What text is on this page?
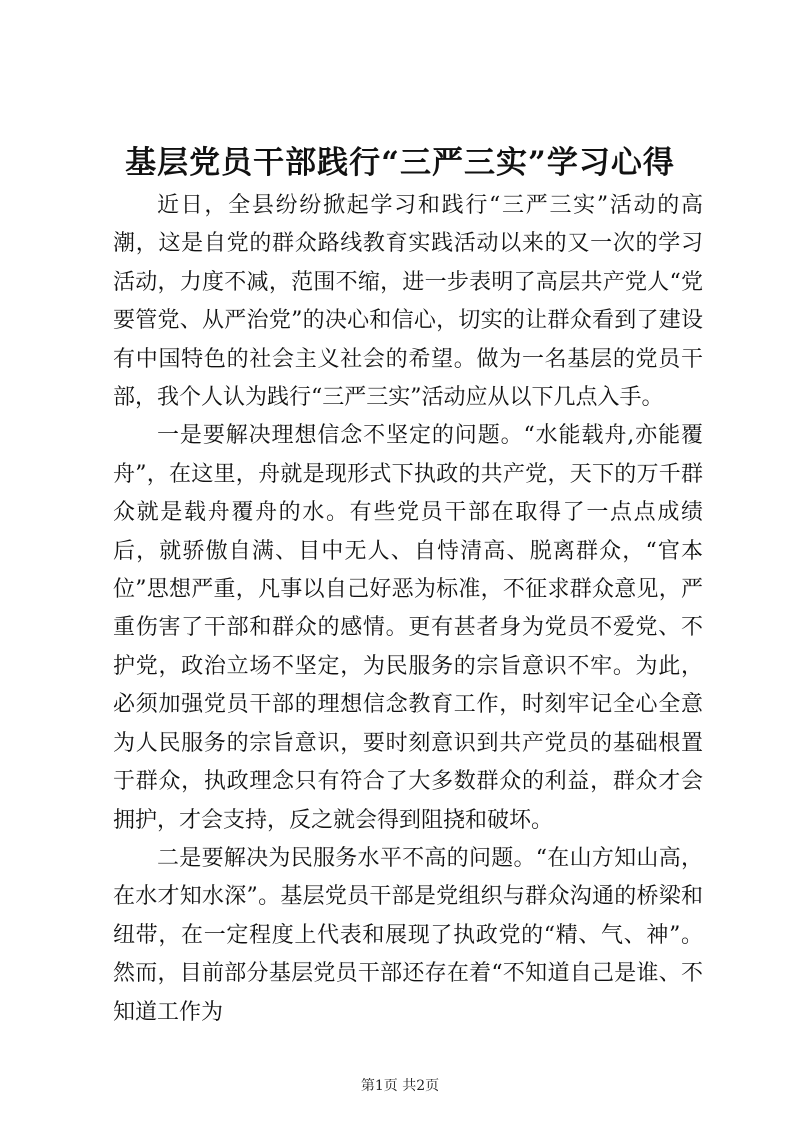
基层党员干部践行“三严三实”学习心得

近日，全县纷纷掀起学习和践行“三严三实”活动的高潮，这是自党的群众路线教育实践活动以来的又一次的学习活动，力度不减，范围不缩，进一步表明了高层共产党人“党要管党、从严治党”的决心和信心，切实的让群众看到了建设有中国特色的社会主义社会的希望。做为一名基层的党员干部，我个人认为践行“三严三实”活动应从以下几点入手。

一是要解决理想信念不坚定的问题。“水能载舟,亦能覆舟”，在这里，舟就是现形式下执政的共产党，天下的万千群众就是载舟覆舟的水。有些党员干部在取得了一点点成绩后，就骄傲自满、目中无人、自恃清高、脱离群众，“官本位”思想严重，凡事以自己好恶为标准，不征求群众意见，严重伤害了干部和群众的感情。更有甚者身为党员不爱党、不护党，政治立场不坚定，为民服务的宗旨意识不牢。为此，必须加强党员干部的理想信念教育工作，时刻牢记全心全意为人民服务的宗旨意识，要时刻意识到共产党员的基础根置于群众，执政理念只有符合了大多数群众的利益，群众才会拥护，才会支持，反之就会得到阻挠和破坏。

二是要解决为民服务水平不高的问题。“在山方知山高，在水才知水深”。基层党员干部是党组织与群众沟通的桥梁和纽带，在一定程度上代表和展现了执政党的“精、气、神”。然而，目前部分基层党员干部还存在着“不知道自己是谁、不知道工作为

第1页 共2页
